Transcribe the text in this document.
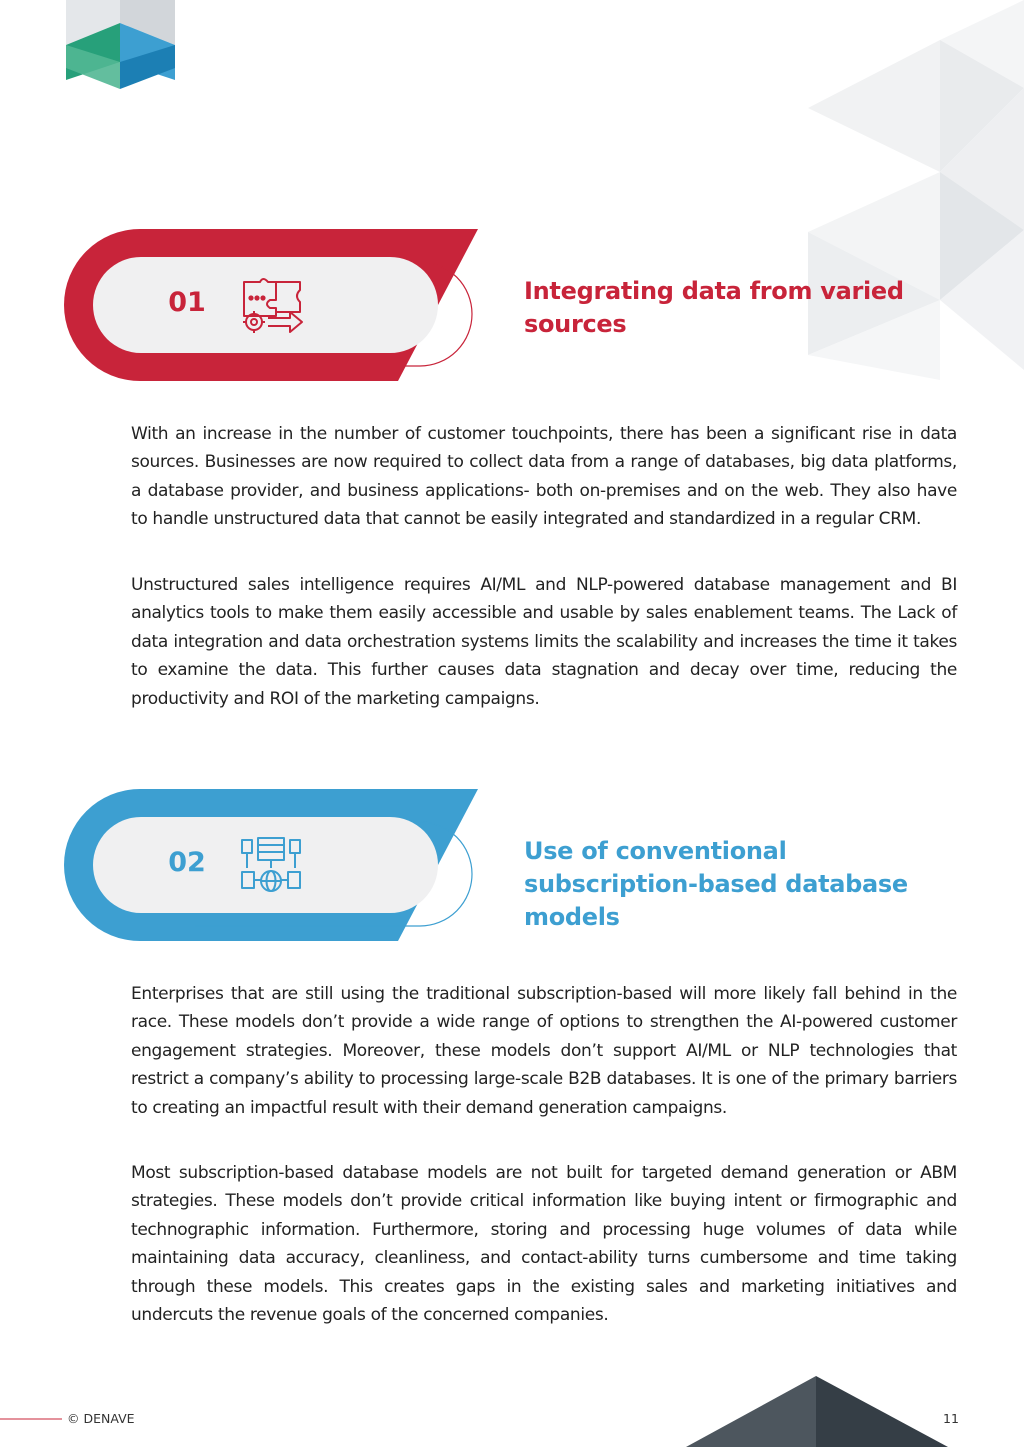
01	Integrating data from varied sources

With an increase in the number of customer touchpoints, there has been a significant rise in data sources. Businesses are now required to collect data from a range of databases, big data platforms, a database provider, and business applications- both on-premises and on the web. They also have to handle unstructured data that cannot be easily integrated and standardized in a regular CRM.

Unstructured sales intelligence requires AI/ML and NLP-powered database management and BI analytics tools to make them easily accessible and usable by sales enablement teams. The Lack of data integration and data orchestration systems limits the scalability and increases the time it takes to examine the data. This further causes data stagnation and decay over time, reducing the productivity and ROI of the marketing campaigns.

02	Use of conventional subscription-based database models

Enterprises that are still using the traditional subscription-based will more likely fall behind in the race. These models don’t provide a wide range of options to strengthen the AI-powered customer engagement strategies. Moreover, these models don’t support AI/ML or NLP technologies that restrict a company’s ability to processing large-scale B2B databases. It is one of the primary barriers to creating an impactful result with their demand generation campaigns.

Most subscription-based database models are not built for targeted demand generation or ABM strategies. These models don’t provide critical information like buying intent or firmographic and technographic information. Furthermore, storing and processing huge volumes of data while maintaining data accuracy, cleanliness, and contact-ability turns cumbersome and time taking through these models. This creates gaps in the existing sales and marketing initiatives and undercuts the revenue goals of the concerned companies.

© DENAVE	11
